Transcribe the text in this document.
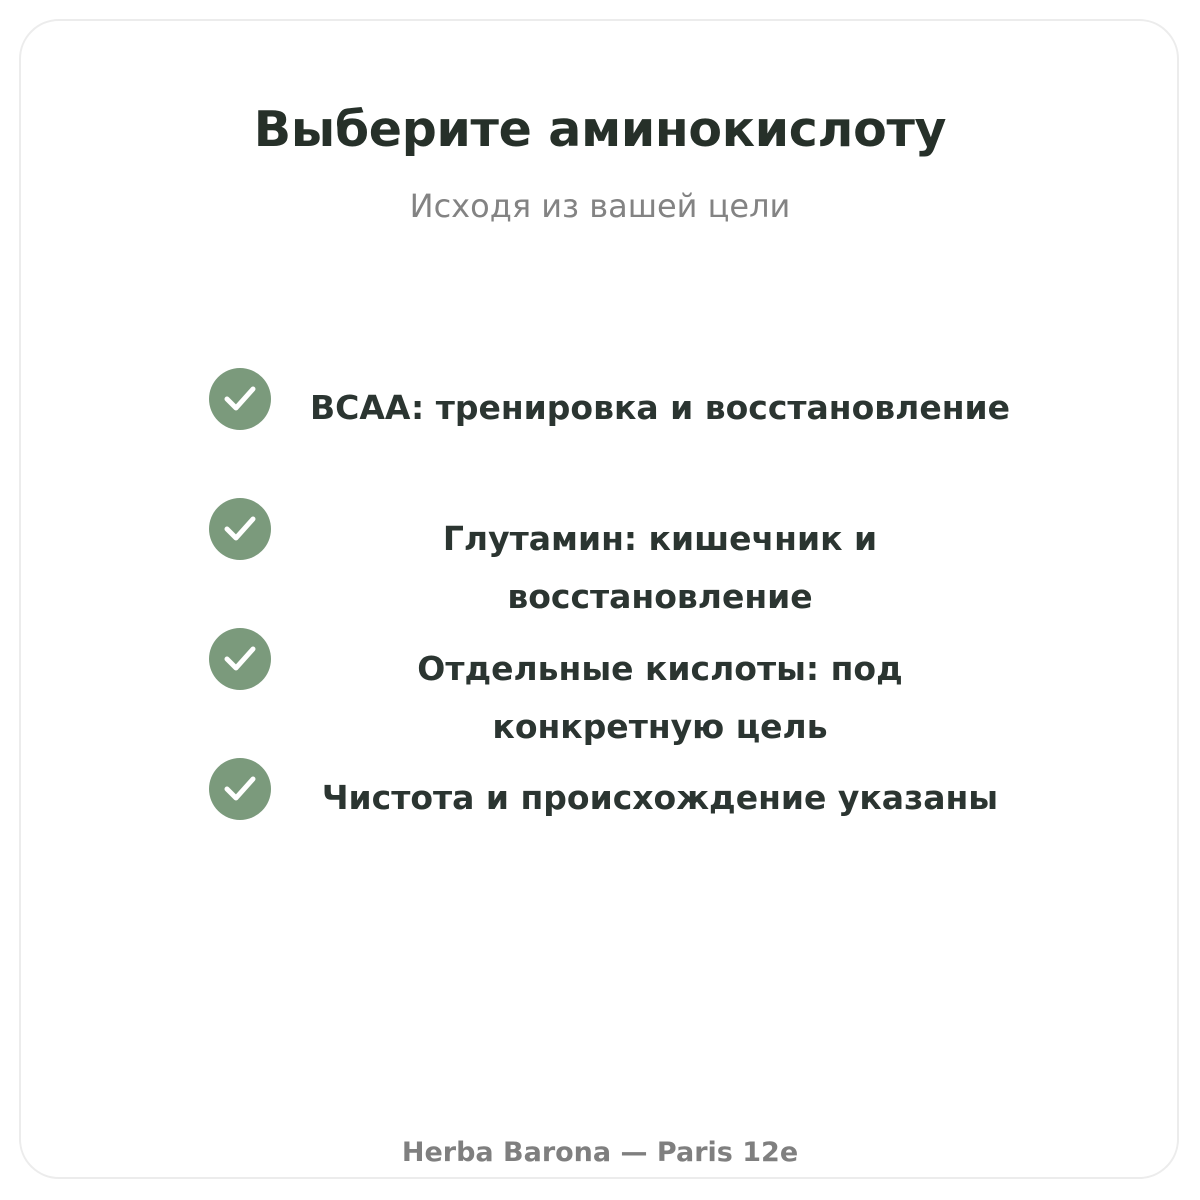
Выберите аминокислоту
Исходя из вашей цели
BCAA: тренировка и восстановление
Глутамин: кишечник и восстановление
Отдельные кислоты: под конкретную цель
Чистота и происхождение указаны
Herba Barona — Paris 12e
